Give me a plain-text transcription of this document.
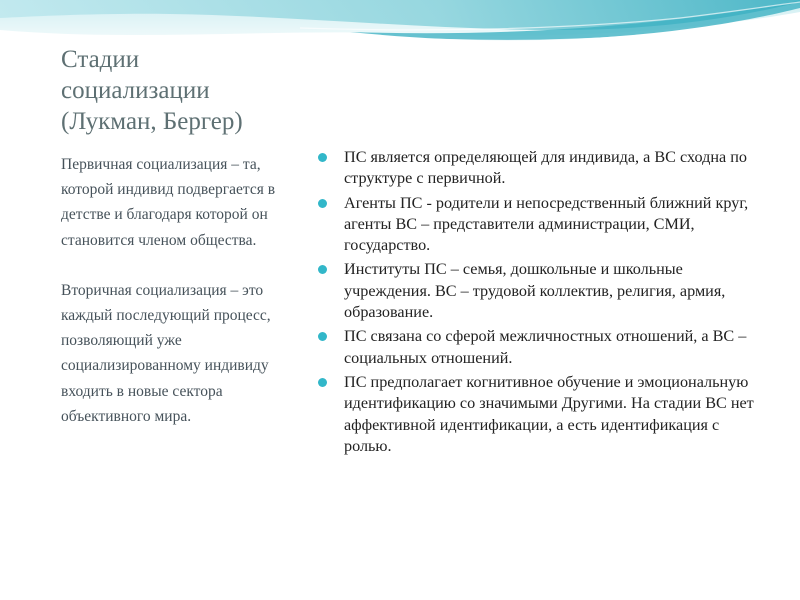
Стадии
социализации
(Лукман, Бергер)

Первичная социализация – та, которой индивид подвергается в детстве и благодаря которой он становится членом общества.

Вторичная социализация – это каждый последующий процесс, позволяющий уже социализированному индивиду входить в новые сектора объективного мира.

ПС является определяющей для индивида, а ВС сходна по структуре с первичной.
Агенты ПС - родители и непосредственный ближний круг, агенты ВС – представители администрации, СМИ, государство.
Институты ПС – семья, дошкольные и школьные учреждения. ВС – трудовой коллектив, религия, армия, образование.
ПС связана со сферой межличностных отношений, а ВС – социальных отношений.
ПС предполагает когнитивное обучение и эмоциональную идентификацию со значимыми Другими. На стадии ВС нет аффективной идентификации, а есть идентификация с ролью.
